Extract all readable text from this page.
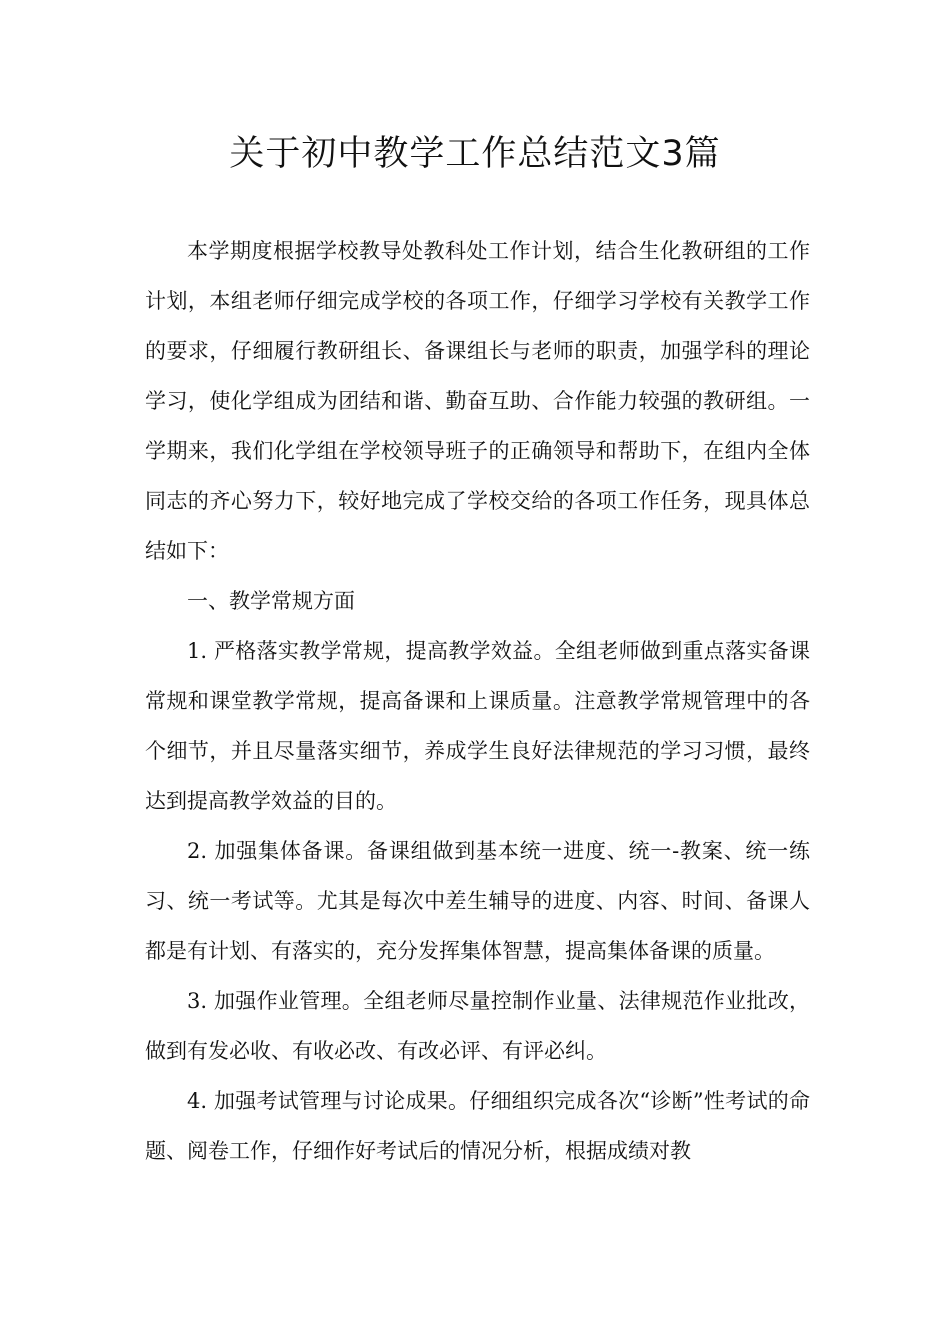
关于初中教学工作总结范文3篇

本学期度根据学校教导处教科处工作计划，结合生化教研组的工作计划，本组老师仔细完成学校的各项工作，仔细学习学校有关教学工作的要求，仔细履行教研组长、备课组长与老师的职责，加强学科的理论学习，使化学组成为团结和谐、勤奋互助、合作能力较强的教研组。一学期来，我们化学组在学校领导班子的正确领导和帮助下，在组内全体同志的齐心努力下，较好地完成了学校交给的各项工作任务，现具体总结如下：

一、教学常规方面

1. 严格落实教学常规，提高教学效益。全组老师做到重点落实备课常规和课堂教学常规，提高备课和上课质量。注意教学常规管理中的各个细节，并且尽量落实细节，养成学生良好法律规范的学习习惯，最终达到提高教学效益的目的。

2. 加强集体备课。备课组做到基本统一进度、统一-教案、统一练习、统一考试等。尤其是每次中差生辅导的进度、内容、时间、备课人都是有计划、有落实的，充分发挥集体智慧，提高集体备课的质量。

3. 加强作业管理。全组老师尽量控制作业量、法律规范作业批改，做到有发必收、有收必改、有改必评、有评必纠。

4. 加强考试管理与讨论成果。仔细组织完成各次“诊断”性考试的命题、阅卷工作，仔细作好考试后的情况分析，根据成绩对教
